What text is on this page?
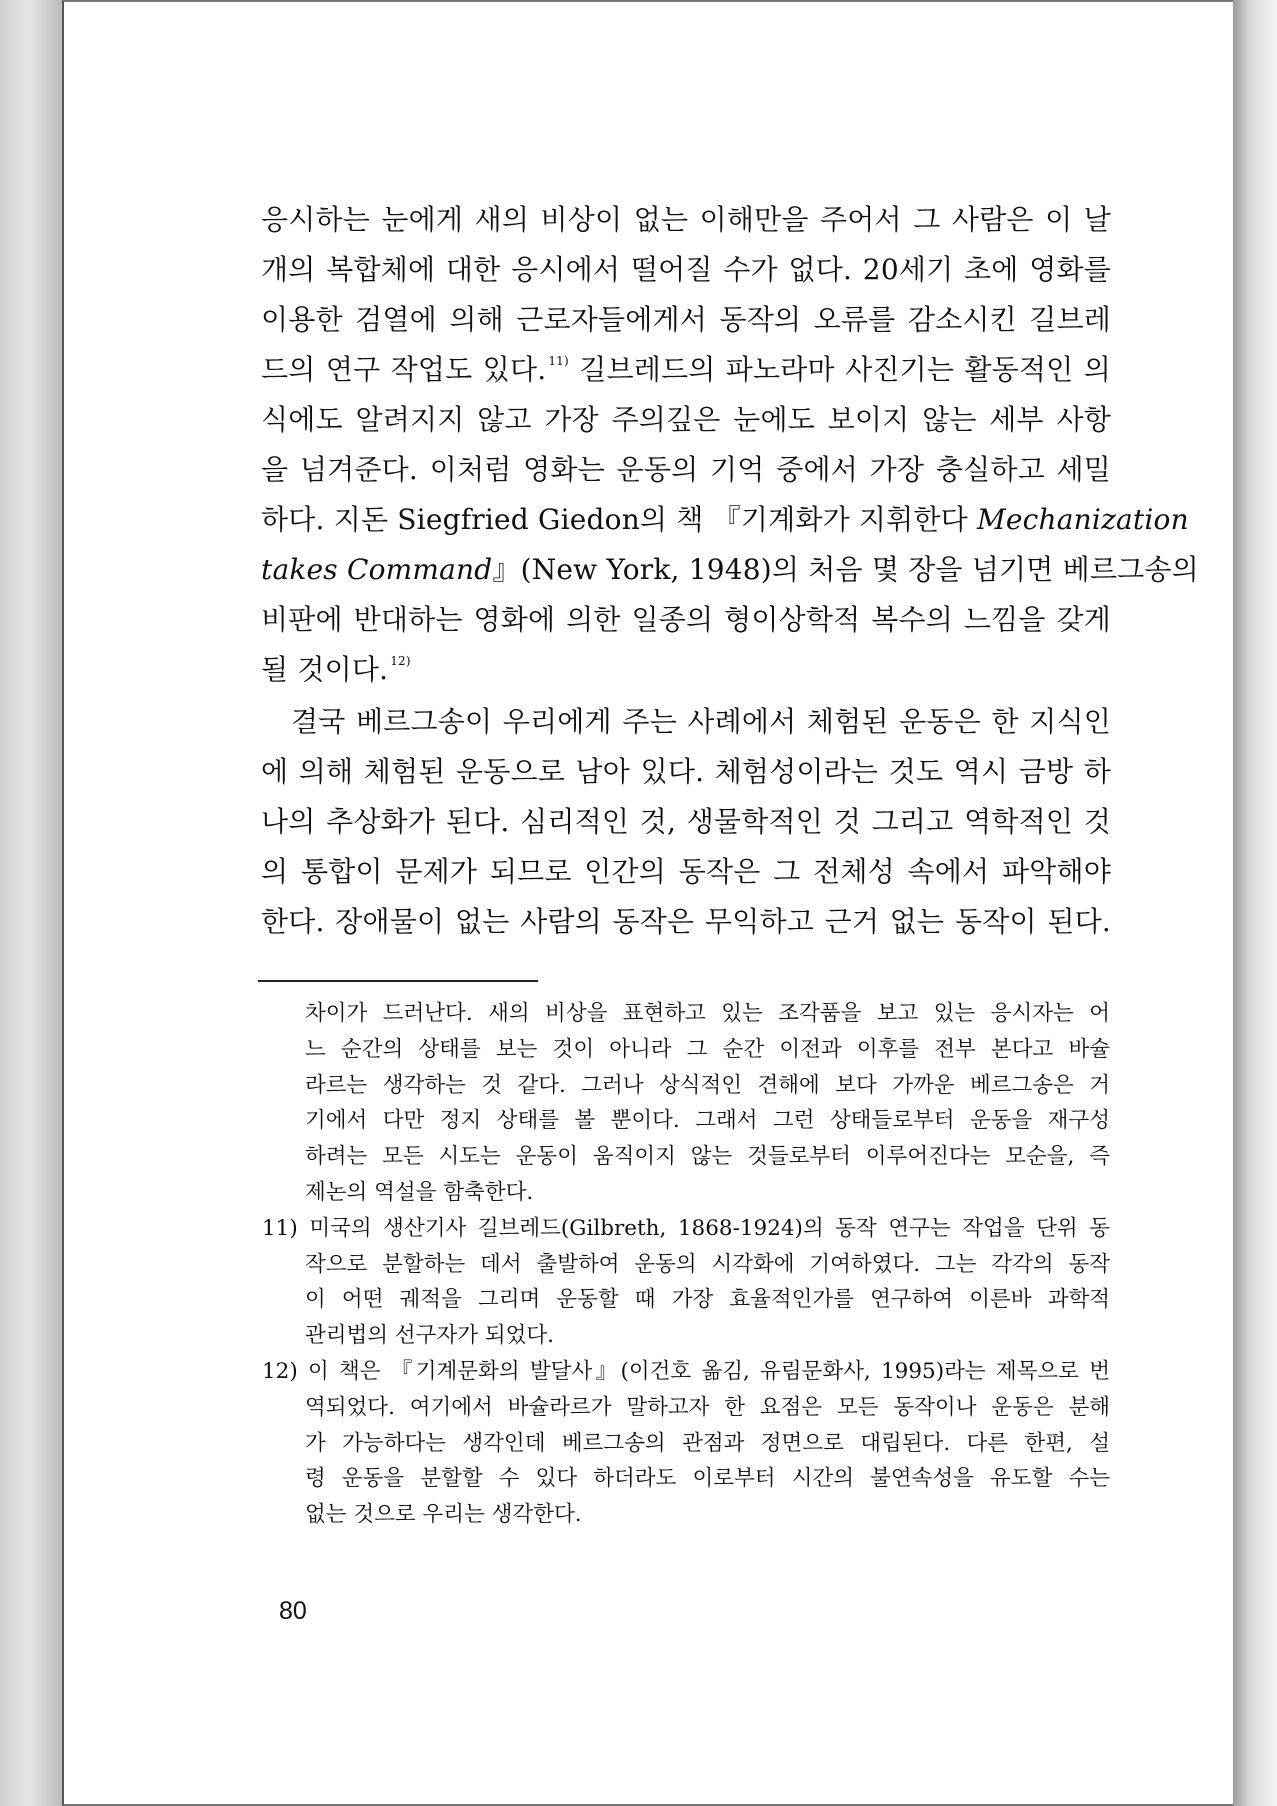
응시하는 눈에게 새의 비상이 없는 이해만을 주어서 그 사람은 이 날
개의 복합체에 대한 응시에서 떨어질 수가 없다. 20세기 초에 영화를
이용한 검열에 의해 근로자들에게서 동작의 오류를 감소시킨 길브레
드의 연구 작업도 있다. $^{11)}$ 길브레드의 파노라마 사진기는 활동적인 의
식에도 알려지지 않고 가장 주의깊은 눈에도 보이지 않는 세부 사항
을 넘겨준다. 이처럼 영화는 운동의 기억 중에서 가장 충실하고 세밀
하다. 지돈 Siegfried Giedon의 책 『기계화가 지휘한다 Mechanization
takes Command』(New York, 1948)의 처음 몇 장을 넘기면 베르그송의
비판에 반대하는 영화에 의한 일종의 형이상학적 복수의 느낌을 갖게
될 것이다. $^{12)}$
결국 베르그송이 우리에게 주는 사례에서 체험된 운동은 한 지식인
에 의해 체험된 운동으로 남아 있다. 체험성이라는 것도 역시 금방 하
나의 추상화가 된다. 심리적인 것, 생물학적인 것 그리고 역학적인 것
의 통합이 문제가 되므로 인간의 동작은 그 전체성 속에서 파악해야
한다. 장애물이 없는 사람의 동작은 무익하고 근거 없는 동작이 된다.
차이가 드러난다. 새의 비상을 표현하고 있는 조각품을 보고 있는 응시자는 어
느 순간의 상태를 보는 것이 아니라 그 순간 이전과 이후를 전부 본다고 바슐
라르는 생각하는 것 같다. 그러나 상식적인 견해에 보다 가까운 베르그송은 거
기에서 다만 정지 상태를 볼 뿐이다. 그래서 그런 상태들로부터 운동을 재구성
하려는 모든 시도는 운동이 움직이지 않는 것들로부터 이루어진다는 모순을, 즉
제논의 역설을 함축한다.
11) 미국의 생산기사 길브레드(Gilbreth, 1868-1924)의 동작 연구는 작업을 단위 동
작으로 분할하는 데서 출발하여 운동의 시각화에 기여하였다. 그는 각각의 동작
이 어떤 궤적을 그리며 운동할 때 가장 효율적인가를 연구하여 이른바 과학적
관리법의 선구자가 되었다.
12) 이 책은 『기계문화의 발달사』(이건호 옮김, 유림문화사, 1995)라는 제목으로 번
역되었다. 여기에서 바슐라르가 말하고자 한 요점은 모든 동작이나 운동은 분해
가 가능하다는 생각인데 베르그송의 관점과 정면으로 대립된다. 다른 한편, 설
령 운동을 분할할 수 있다 하더라도 이로부터 시간의 불연속성을 유도할 수는
없는 것으로 우리는 생각한다.
80
